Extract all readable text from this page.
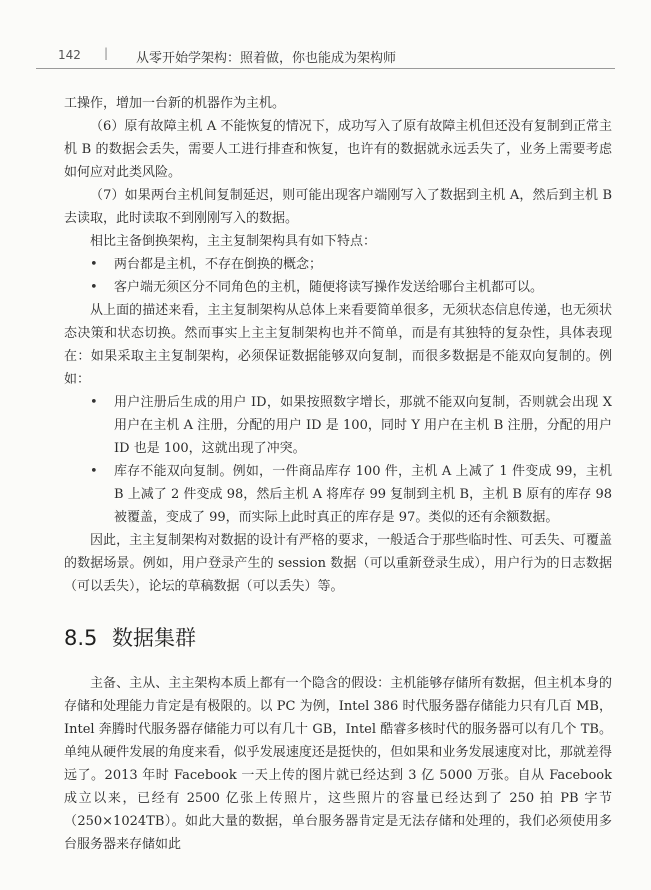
142 | 从零开始学架构：照着做，你也能成为架构师

工操作，增加一台新的机器作为主机。

（6）原有故障主机 A 不能恢复的情况下，成功写入了原有故障主机但还没有复制到正常主机 B 的数据会丢失，需要人工进行排查和恢复，也许有的数据就永远丢失了，业务上需要考虑如何应对此类风险。

（7）如果两台主机间复制延迟，则可能出现客户端刚写入了数据到主机 A，然后到主机 B 去读取，此时读取不到刚刚写入的数据。

相比主备倒换架构，主主复制架构具有如下特点：

• 两台都是主机，不存在倒换的概念；
• 客户端无须区分不同角色的主机，随便将读写操作发送给哪台主机都可以。

从上面的描述来看，主主复制架构从总体上来看要简单很多，无须状态信息传递，也无须状态决策和状态切换。然而事实上主主复制架构也并不简单，而是有其独特的复杂性，具体表现在：如果采取主主复制架构，必须保证数据能够双向复制，而很多数据是不能双向复制的。例如：

• 用户注册后生成的用户 ID，如果按照数字增长，那就不能双向复制，否则就会出现 X 用户在主机 A 注册，分配的用户 ID 是 100，同时 Y 用户在主机 B 注册，分配的用户 ID 也是 100，这就出现了冲突。
• 库存不能双向复制。例如，一件商品库存 100 件，主机 A 上减了 1 件变成 99，主机 B 上减了 2 件变成 98，然后主机 A 将库存 99 复制到主机 B，主机 B 原有的库存 98 被覆盖，变成了 99，而实际上此时真正的库存是 97。类似的还有余额数据。

因此，主主复制架构对数据的设计有严格的要求，一般适合于那些临时性、可丢失、可覆盖的数据场景。例如，用户登录产生的 session 数据（可以重新登录生成），用户行为的日志数据（可以丢失），论坛的草稿数据（可以丢失）等。

8.5 数据集群

主备、主从、主主架构本质上都有一个隐含的假设：主机能够存储所有数据，但主机本身的存储和处理能力肯定是有极限的。以 PC 为例，Intel 386 时代服务器存储能力只有几百 MB，Intel 奔腾时代服务器存储能力可以有几十 GB，Intel 酷睿多核时代的服务器可以有几个 TB。单纯从硬件发展的角度来看，似乎发展速度还是挺快的，但如果和业务发展速度对比，那就差得远了。2013 年时 Facebook 一天上传的图片就已经达到 3 亿 5000 万张。自从 Facebook 成立以来，已经有 2500 亿张上传照片，这些照片的容量已经达到了 250 拍 PB 字节（250×1024TB）。如此大量的数据，单台服务器肯定是无法存储和处理的，我们必须使用多台服务器来存储如此
